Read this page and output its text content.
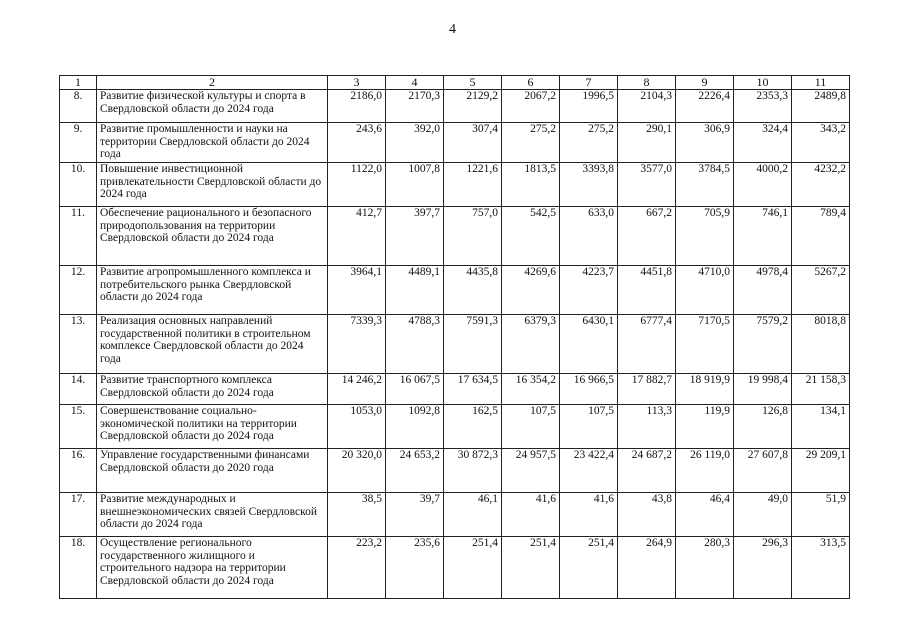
4
1	2	3	4	5	6	7	8	9	10	11
8.	Развитие физической культуры и спорта в Свердловской области до 2024 года	2186,0	2170,3	2129,2	2067,2	1996,5	2104,3	2226,4	2353,3	2489,8
9.	Развитие промышленности и науки на территории Свердловской области до 2024 года	243,6	392,0	307,4	275,2	275,2	290,1	306,9	324,4	343,2
10.	Повышение инвестиционной привлекательности Свердловской области до 2024 года	1122,0	1007,8	1221,6	1813,5	3393,8	3577,0	3784,5	4000,2	4232,2
11.	Обеспечение рационального и безопасного природопользования на территории Свердловской области до 2024 года	412,7	397,7	757,0	542,5	633,0	667,2	705,9	746,1	789,4
12.	Развитие агропромышленного комплекса и потребительского рынка Свердловской области до 2024 года	3964,1	4489,1	4435,8	4269,6	4223,7	4451,8	4710,0	4978,4	5267,2
13.	Реализация основных направлений государственной политики в строительном комплексе Свердловской области до 2024 года	7339,3	4788,3	7591,3	6379,3	6430,1	6777,4	7170,5	7579,2	8018,8
14.	Развитие транспортного комплекса Свердловской области до 2024 года	14 246,2	16 067,5	17 634,5	16 354,2	16 966,5	17 882,7	18 919,9	19 998,4	21 158,3
15.	Совершенствование социально-экономической политики на территории Свердловской области до 2024 года	1053,0	1092,8	162,5	107,5	107,5	113,3	119,9	126,8	134,1
16.	Управление государственными финансами Свердловской области до 2020 года	20 320,0	24 653,2	30 872,3	24 957,5	23 422,4	24 687,2	26 119,0	27 607,8	29 209,1
17.	Развитие международных и внешнеэкономических связей Свердловской области до 2024 года	38,5	39,7	46,1	41,6	41,6	43,8	46,4	49,0	51,9
18.	Осуществление регионального государственного жилищного и строительного надзора на территории Свердловской области до 2024 года	223,2	235,6	251,4	251,4	251,4	264,9	280,3	296,3	313,5
